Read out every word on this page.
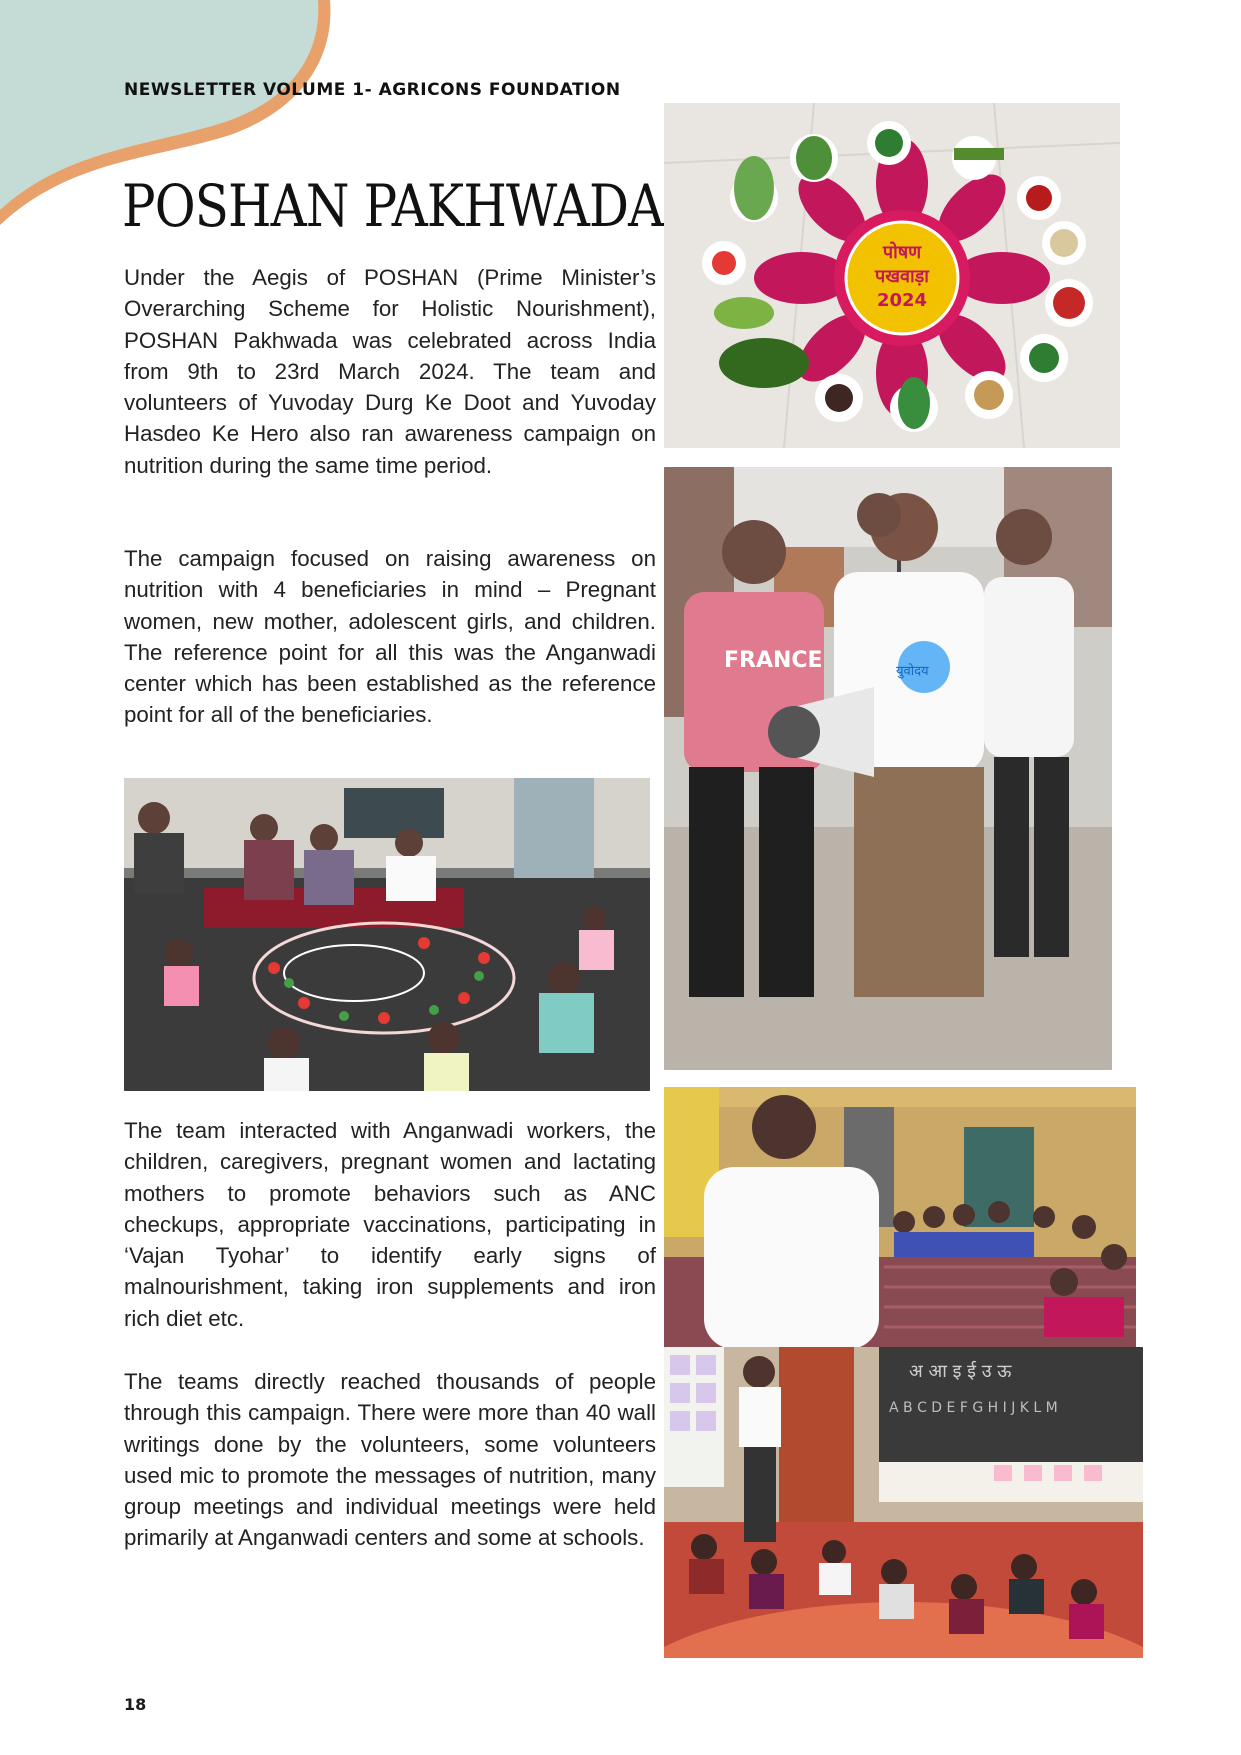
NEWSLETTER VOLUME 1- AGRICONS FOUNDATION
POSHAN PAKHWADA

Under the Aegis of POSHAN (Prime Minister’s Overarching Scheme for Holistic Nourishment), POSHAN Pakhwada was celebrated across India from 9th to 23rd March 2024. The team and volunteers of Yuvoday Durg Ke Doot and Yuvoday Hasdeo Ke Hero also ran awareness campaign on nutrition during the same time period.

The campaign focused on raising awareness on nutrition with 4 beneficiaries in mind – Pregnant women, new mother, adolescent girls, and children. The reference point for all this was the Anganwadi center which has been established as the reference point for all of the beneficiaries.

The team interacted with Anganwadi workers, the children, caregivers, pregnant women and lactating mothers to promote behaviors such as ANC checkups, appropriate vaccinations, participating in ‘Vajan Tyohar’ to identify early signs of malnourishment, taking iron supplements and iron rich diet etc.

The teams directly reached thousands of people through this campaign. There were more than 40 wall writings done by the volunteers, some volunteers used mic to promote the messages of nutrition, many group meetings and individual meetings were held primarily at Anganwadi centers and some at schools.

पोषण
पखवाड़ा
2024
FRANCE	युवोदय
अ आ इ ई उ ऊ
A B C D E F G H I J K L M
18
